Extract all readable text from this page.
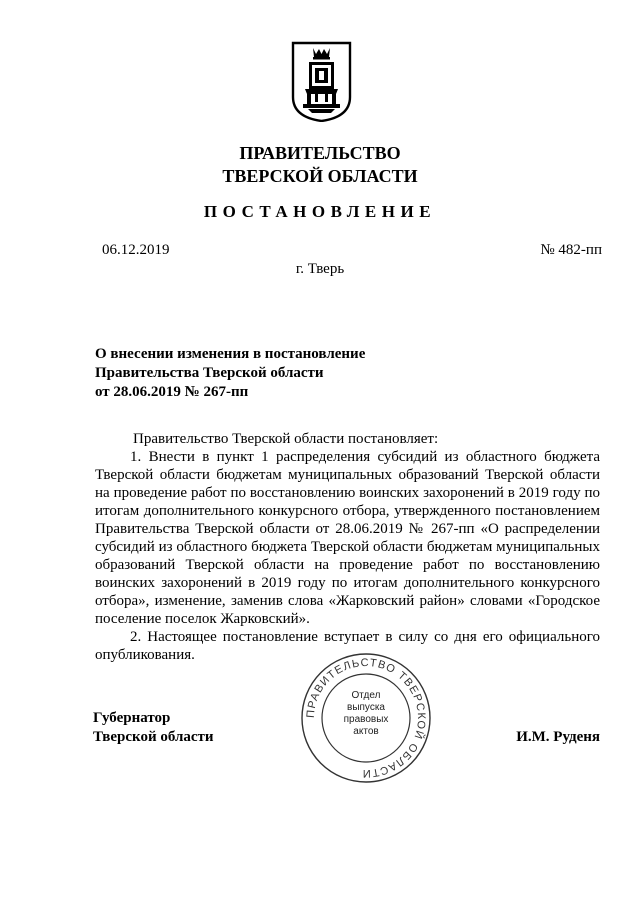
ПРАВИТЕЛЬСТВО
ТВЕРСКОЙ ОБЛАСТИ
ПОСТАНОВЛЕНИЕ
06.12.2019	№ 482-пп
г. Тверь
О внесении изменения в постановление
Правительства Тверской области
от 28.06.2019 № 267-пп

Правительство Тверской области постановляет:

1. Внести в пункт 1 распределения субсидий из областного бюджета Тверской области бюджетам муниципальных образований Тверской области на проведение работ по восстановлению воинских захоронений в 2019 году по итогам дополнительного конкурсного отбора, утвержденного постановлением Правительства Тверской области от 28.06.2019 № 267-пп «О распределении субсидий из областного бюджета Тверской области бюджетам муниципальных образований Тверской области на проведение работ по восстановлению воинских захоронений в 2019 году по итогам дополнительного конкурсного отбора», изменение, заменив слова «Жарковский район» словами «Городское поселение поселок Жарковский».

2. Настоящее постановление вступает в силу со дня его официального опубликования.

ПРАВИТЕЛЬСТВО ТВЕРСКОЙ ОБЛАСТИ
Отдел
выпуска
правовых
актов
Губернатор
Тверской области	И.М. Руденя
